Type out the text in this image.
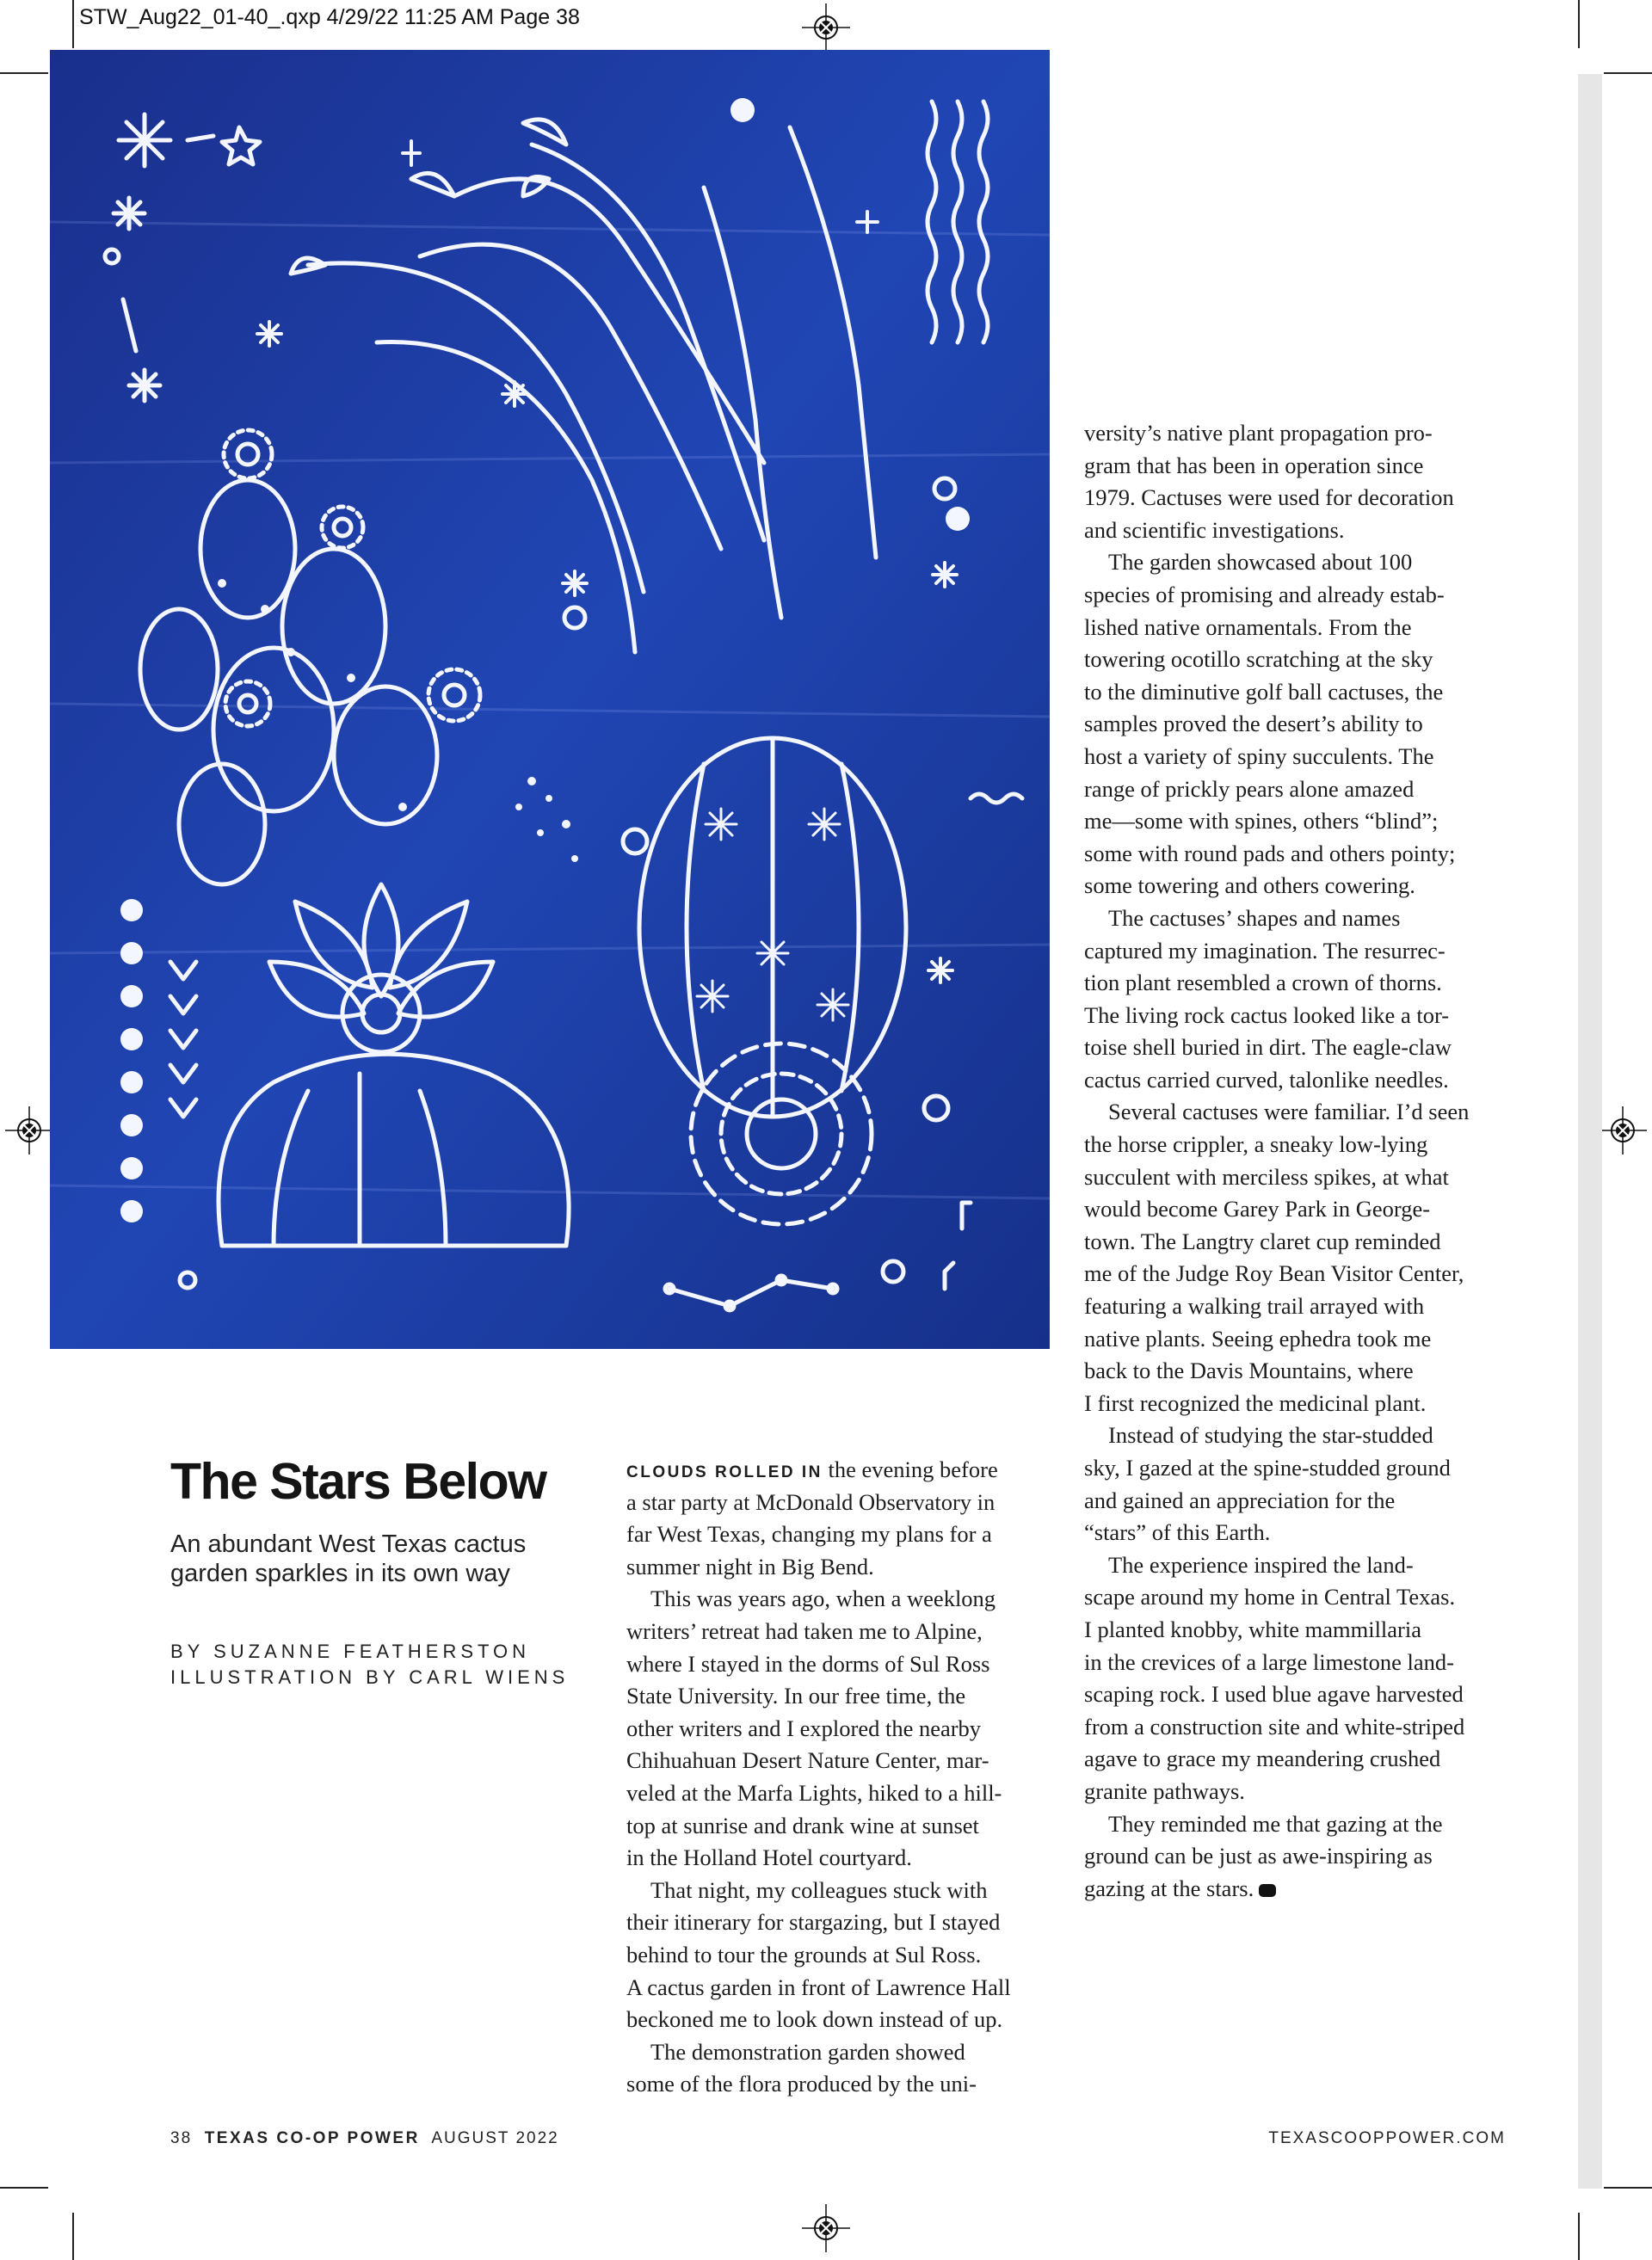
STW_Aug22_01-40_.qxp 4/29/22 11:25 AM Page 38
The Stars Below
An abundant West Texas cactus garden sparkles in its own way
BY SUZANNE FEATHERSTON
ILLUSTRATION BY CARL WIENS
CLOUDS ROLLED IN the evening before
a star party at McDonald Observatory in
far West Texas, changing my plans for a
summer night in Big Bend.
This was years ago, when a weeklong
writers’ retreat had taken me to Alpine,
where I stayed in the dorms of Sul Ross
State University. In our free time, the
other writers and I explored the nearby
Chihuahuan Desert Nature Center, mar-
veled at the Marfa Lights, hiked to a hill-
top at sunrise and drank wine at sunset
in the Holland Hotel courtyard.
That night, my colleagues stuck with
their itinerary for stargazing, but I stayed
behind to tour the grounds at Sul Ross.
A cactus garden in front of Lawrence Hall
beckoned me to look down instead of up.
The demonstration garden showed
some of the flora produced by the uni-
versity’s native plant propagation pro-
gram that has been in operation since
1979. Cactuses were used for decoration
and scientific investigations.
The garden showcased about 100
species of promising and already estab-
lished native ornamentals. From the
towering ocotillo scratching at the sky
to the diminutive golf ball cactuses, the
samples proved the desert’s ability to
host a variety of spiny succulents. The
range of prickly pears alone amazed
me—some with spines, others “blind”;
some with round pads and others pointy;
some towering and others cowering.
The cactuses’ shapes and names
captured my imagination. The resurrec-
tion plant resembled a crown of thorns.
The living rock cactus looked like a tor-
toise shell buried in dirt. The eagle-claw
cactus carried curved, talonlike needles.
Several cactuses were familiar. I’d seen
the horse crippler, a sneaky low-lying
succulent with merciless spikes, at what
would become Garey Park in George-
town. The Langtry claret cup reminded
me of the Judge Roy Bean Visitor Center,
featuring a walking trail arrayed with
native plants. Seeing ephedra took me
back to the Davis Mountains, where
I first recognized the medicinal plant.
Instead of studying the star-studded
sky, I gazed at the spine-studded ground
and gained an appreciation for the
“stars” of this Earth.
The experience inspired the land-
scape around my home in Central Texas.
I planted knobby, white mammillaria
in the crevices of a large limestone land-
scaping rock. I used blue agave harvested
from a construction site and white-striped
agave to grace my meandering crushed
granite pathways.
They reminded me that gazing at the
ground can be just as awe-inspiring as
gazing at the stars.
38 TEXAS CO-OP POWER AUGUST 2022	TEXASCOOPPOWER.COM
